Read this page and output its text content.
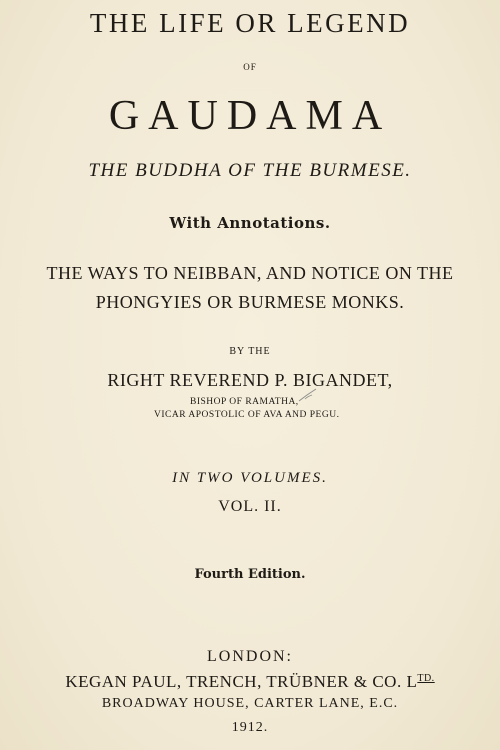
THE LIFE OR LEGEND
OF
GAUDAMA
THE BUDDHA OF THE BURMESE.
With Annotations.
THE WAYS TO NEIBBAN, AND NOTICE ON THE
PHONGYIES OR BURMESE MONKS.
BY THE
RIGHT REVEREND P. BIGANDET,
BISHOP OF RAMATHA,
VICAR APOSTOLIC OF AVA AND PEGU.
IN TWO VOLUMES.
VOL. II.
Fourth Edition.
LONDON:
KEGAN PAUL, TRENCH, TRÜBNER & CO. $L^{TD.}$
BROADWAY HOUSE, CARTER LANE, E.C.
1912.
